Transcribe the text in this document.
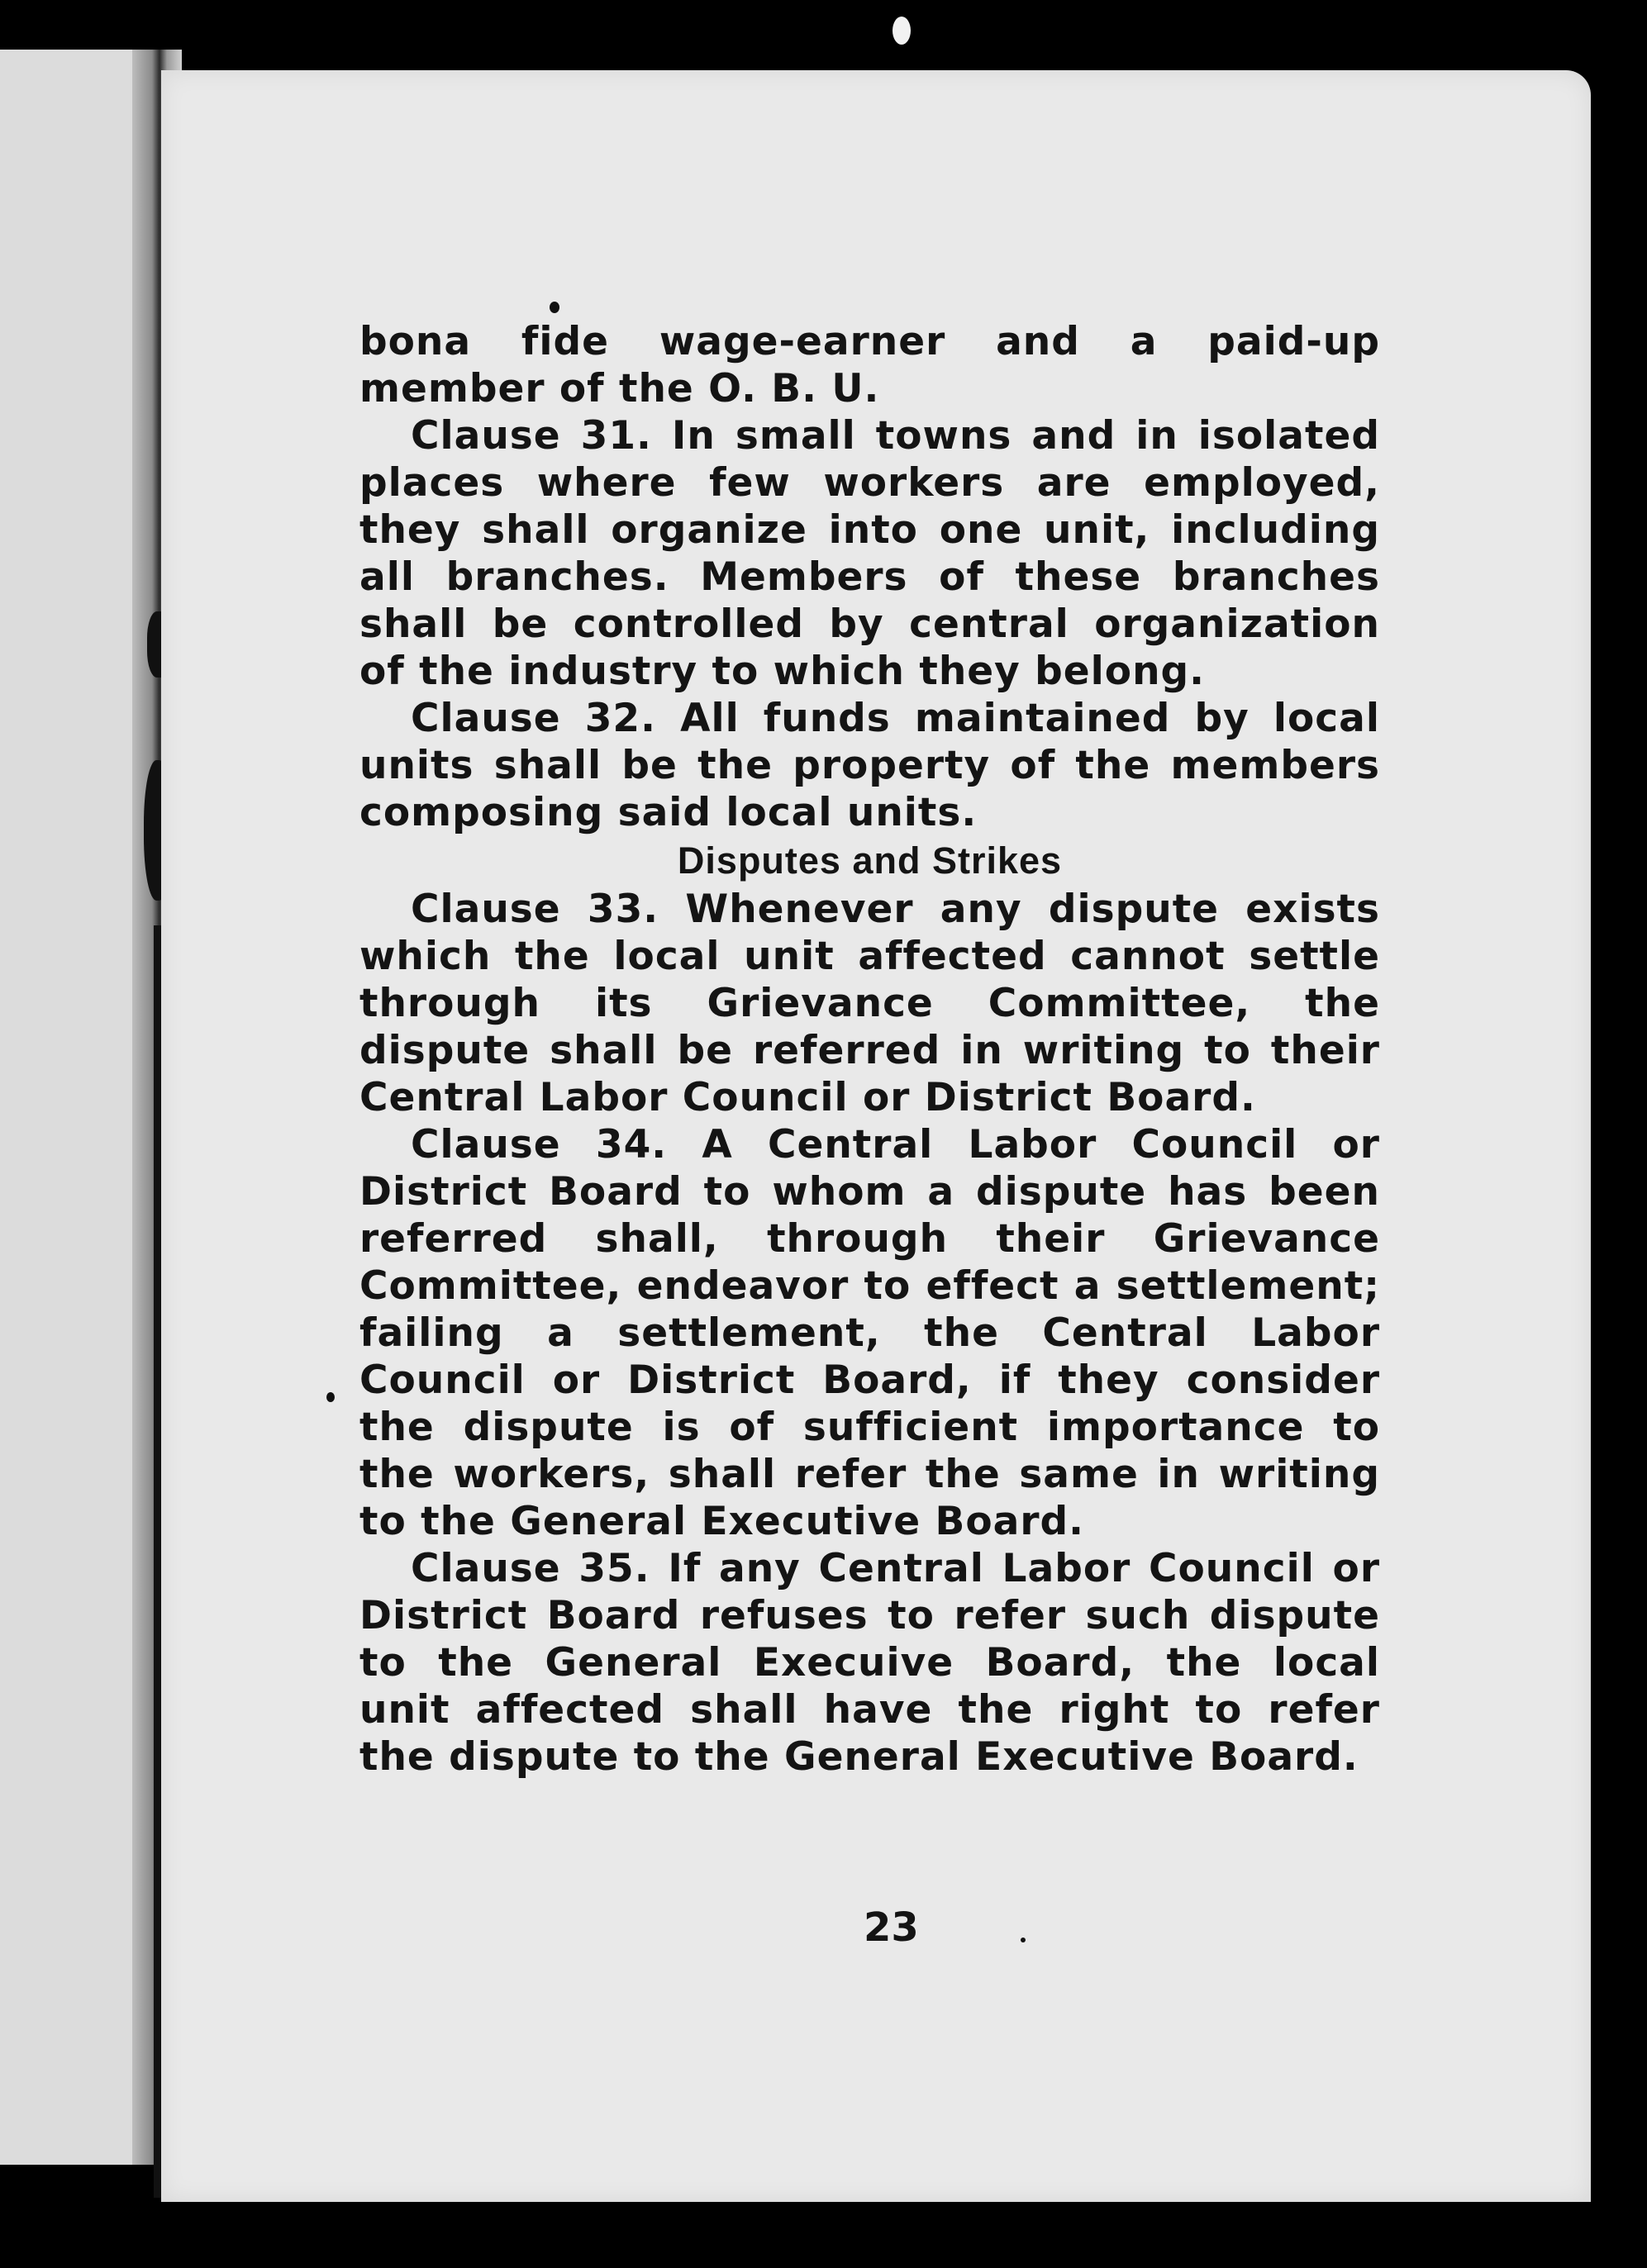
bona fide wage-earner and a paid-up member of the O. B. U.

Clause 31. In small towns and in isolated places where few workers are employed, they shall organize into one unit, including all branches. Members of these branches shall be controlled by central organization of the industry to which they belong.

Clause 32. All funds maintained by local units shall be the property of the members composing said local units.

Disputes and Strikes

Clause 33. Whenever any dispute exists which the local unit affected cannot settle through its Grievance Committee, the dispute shall be referred in writing to their Central Labor Council or District Board.

Clause 34. A Central Labor Council or District Board to whom a dispute has been referred shall, through their Grievance Committee, endeavor to effect a settlement; failing a settlement, the Central Labor Council or District Board, if they consider the dispute is of sufficient importance to the workers, shall refer the same in writing to the General Executive Board.

Clause 35. If any Central Labor Council or District Board refuses to refer such dispute to the General Execuive Board, the local unit affected shall have the right to refer the dispute to the General Executive Board.

23
